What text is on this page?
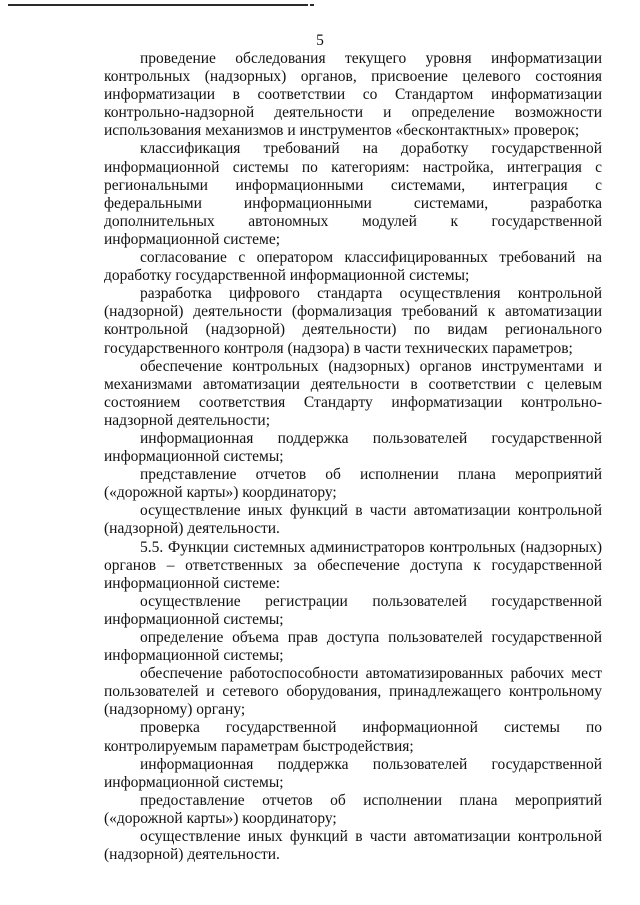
5

проведение обследования текущего уровня информатизации контрольных (надзорных) органов, присвоение целевого состояния информатизации в соответствии со Стандартом информатизации контрольно-надзорной деятельности и определение возможности использования механизмов и инструментов «бесконтактных» проверок;

классификация требований на доработку государственной информационной системы по категориям: настройка, интеграция с региональными информационными системами, интеграция с федеральными информационными системами, разработка дополнительных автономных модулей к государственной информационной системе;

согласование с оператором классифицированных требований на доработку государственной информационной системы;

разработка цифрового стандарта осуществления контрольной (надзорной) деятельности (формализация требований к автоматизации контрольной (надзорной) деятельности) по видам регионального государственного контроля (надзора) в части технических параметров;

обеспечение контрольных (надзорных) органов инструментами и механизмами автоматизации деятельности в соответствии с целевым состоянием соответствия Стандарту информатизации контрольно-надзорной деятельности;

информационная поддержка пользователей государственной информационной системы;

представление отчетов об исполнении плана мероприятий («дорожной карты») координатору;

осуществление иных функций в части автоматизации контрольной (надзорной) деятельности.

5.5. Функции системных администраторов контрольных (надзорных) органов – ответственных за обеспечение доступа к государственной информационной системе:

осуществление регистрации пользователей государственной информационной системы;

определение объема прав доступа пользователей государственной информационной системы;

обеспечение работоспособности автоматизированных рабочих мест пользователей и сетевого оборудования, принадлежащего контрольному (надзорному) органу;

проверка государственной информационной системы по контролируемым параметрам быстродействия;

информационная поддержка пользователей государственной информационной системы;

предоставление отчетов об исполнении плана мероприятий («дорожной карты») координатору;

осуществление иных функций в части автоматизации контрольной (надзорной) деятельности.
